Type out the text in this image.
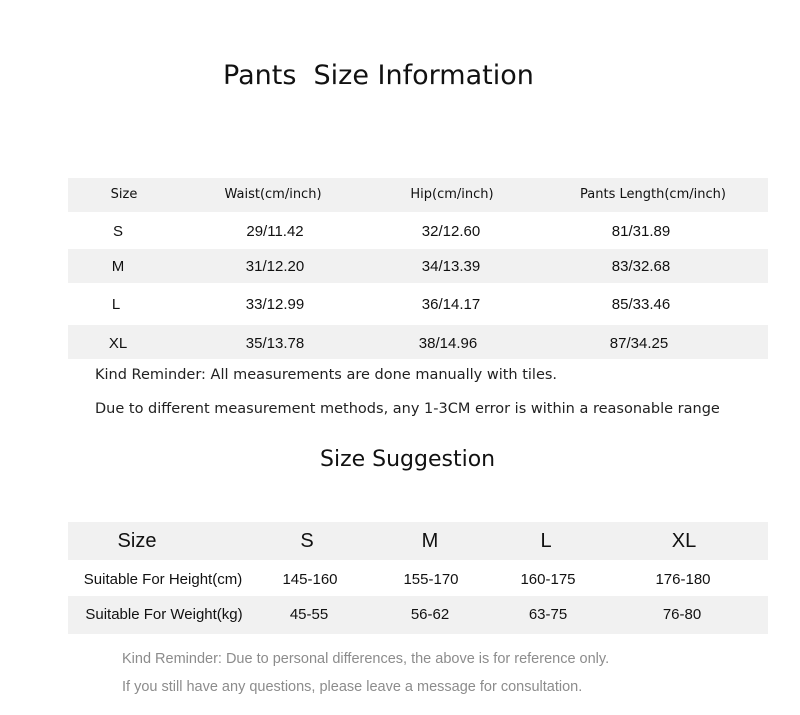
Pants  Size Information
Size	Waist(cm/inch)	Hip(cm/inch)	Pants Length(cm/inch)
S	29/11.42	32/12.60	81/31.89
M	31/12.20	34/13.39	83/32.68
L	33/12.99	36/14.17	85/33.46
XL	35/13.78	38/14.96	87/34.25
Kind Reminder: All measurements are done manually with tiles.
Due to different measurement methods, any 1-3CM error is within a reasonable range
Size Suggestion
Size	S	M	L	XL
Suitable For Height(cm)	145-160	155-170	160-175	176-180
Suitable For Weight(kg)	45-55	56-62	63-75	76-80
Kind Reminder: Due to personal differences, the above is for reference only.
If you still have any questions, please leave a message for consultation.
